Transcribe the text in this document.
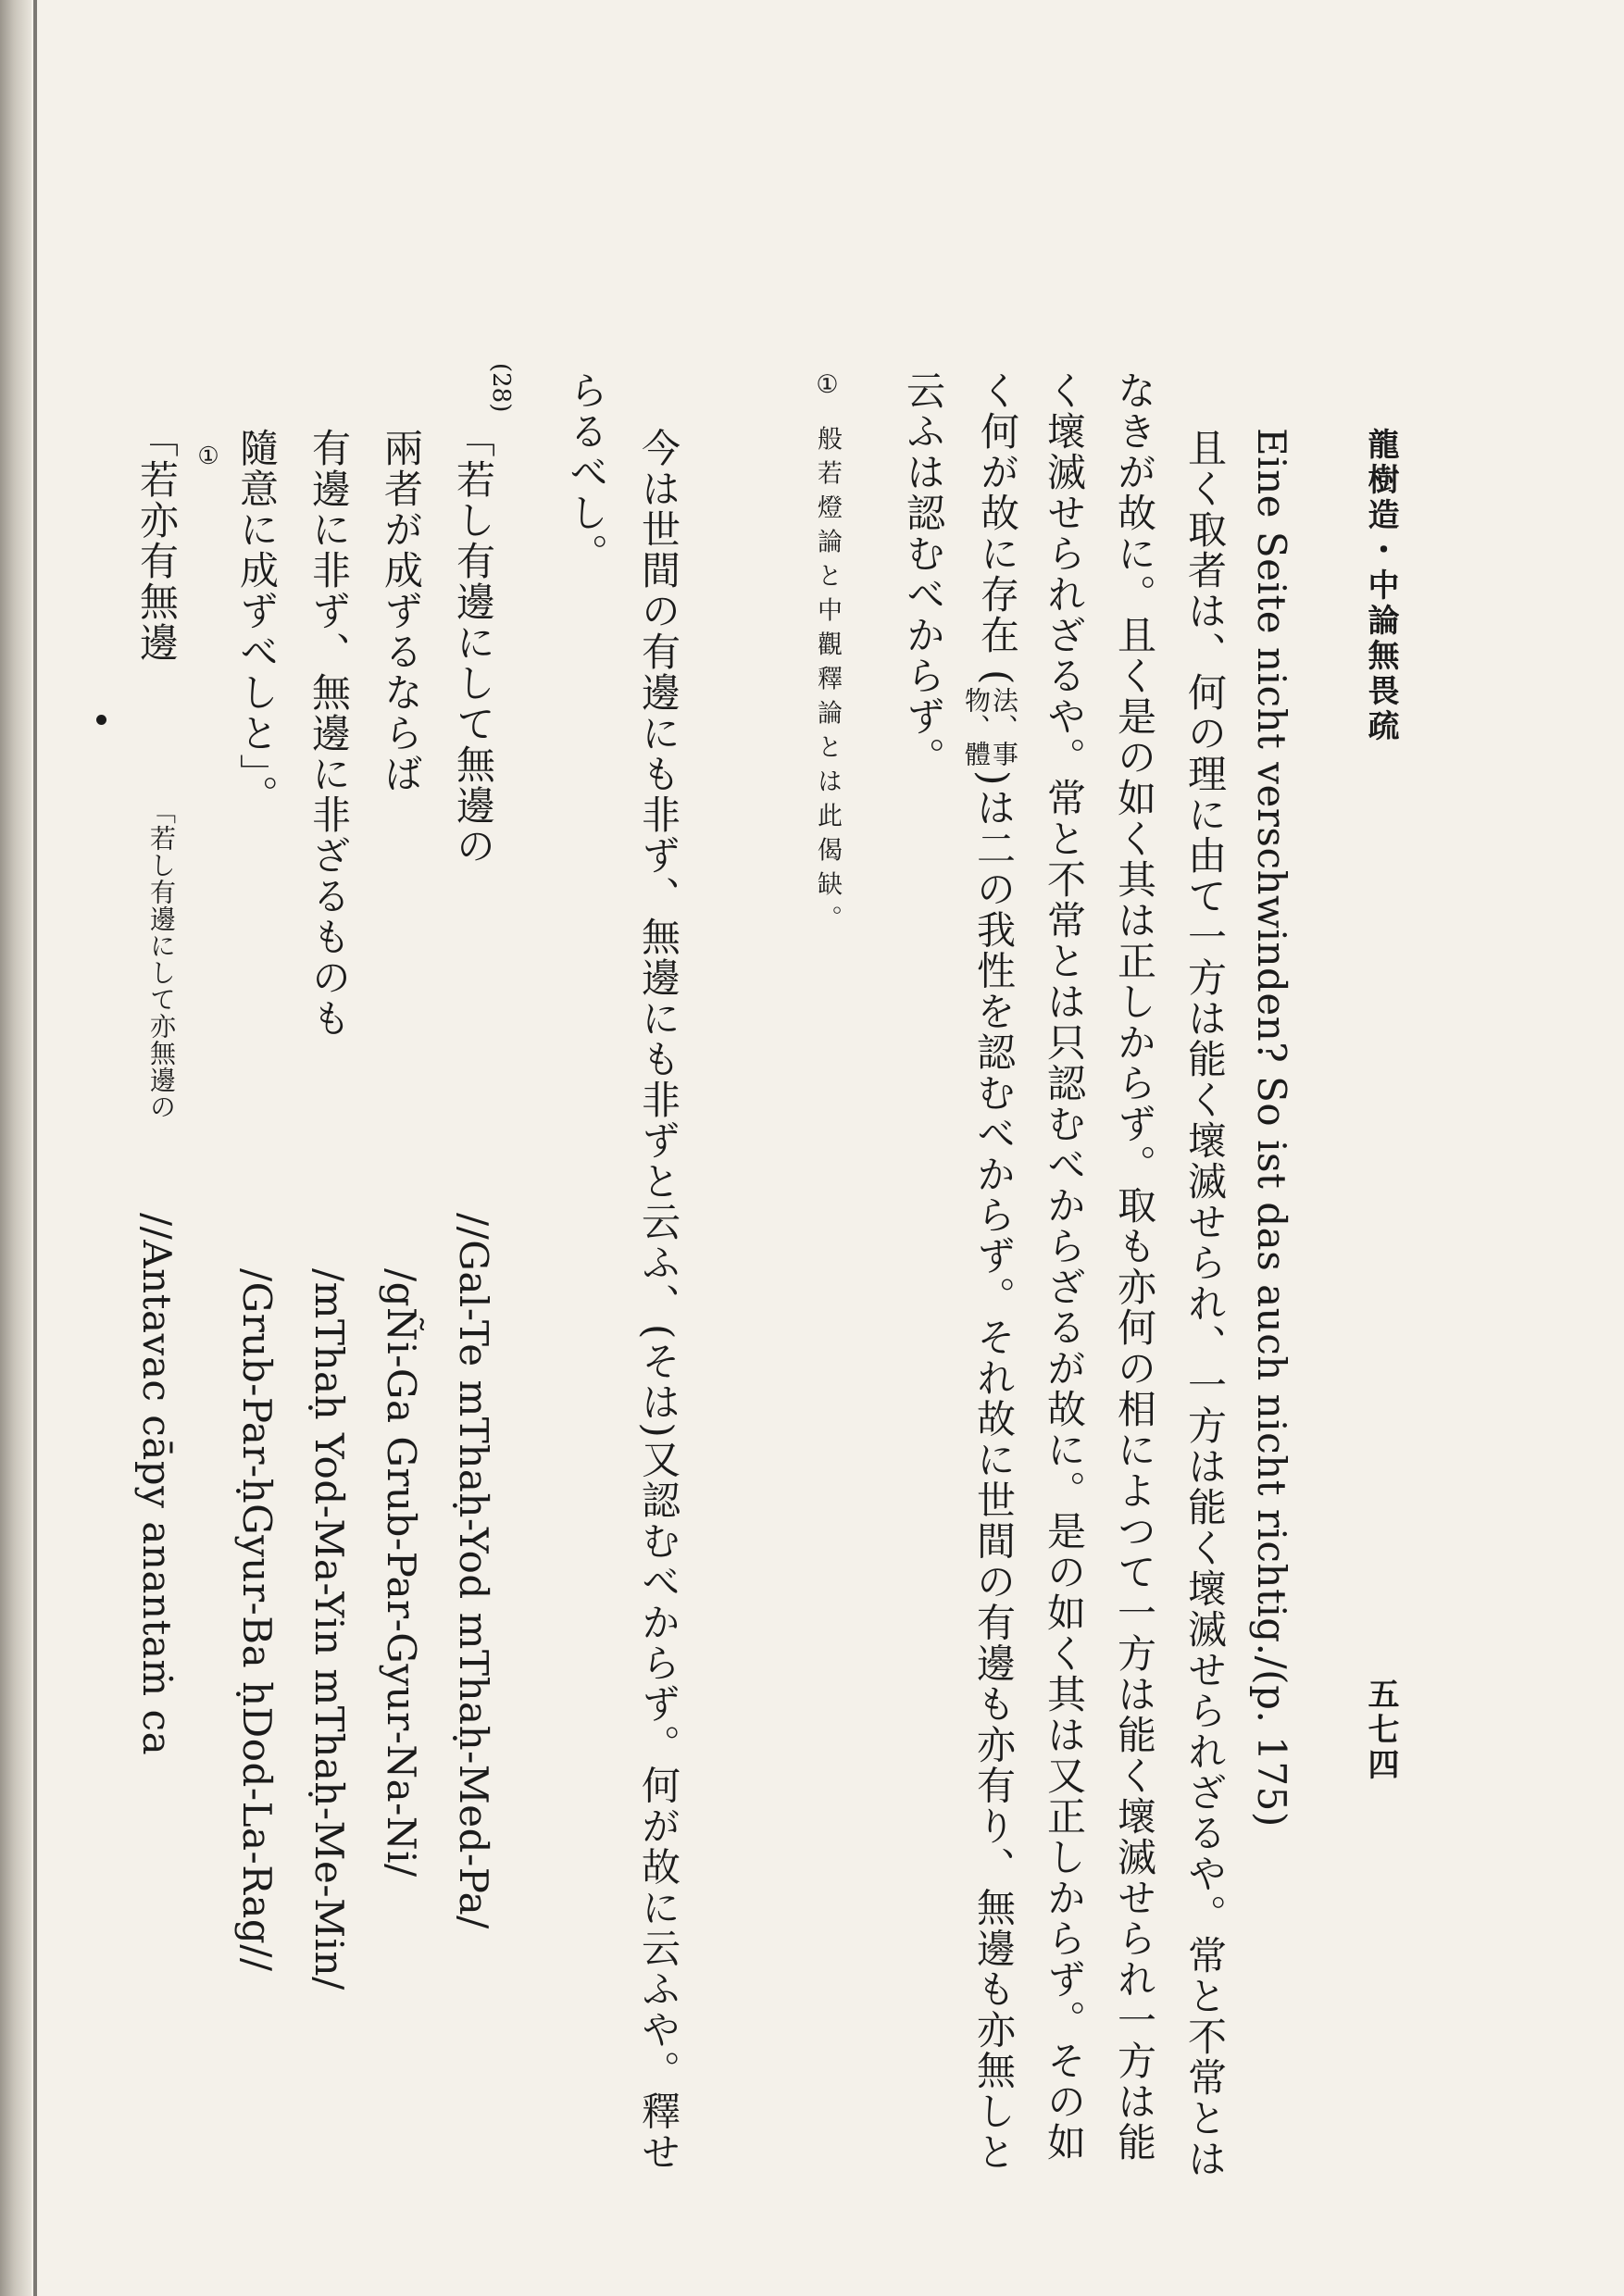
龍樹造・中論無畏疏
五七四
Eine Seite nicht verschwinden? So ist das auch nicht richtig./(p. 175)
且く取者は、何の理に由て一方は能く壞滅せられ、一方は能く壞滅せられざるや。常と不常とは
なきが故に。且く是の如く其は正しからず。取も亦何の相によつて一方は能く壞滅せられ一方は能
く壞滅せられざるや。常と不常とは只認むべからざるが故に。是の如く其は又正しからず。その如
く何が故に存在
(
法、事
物、體
)は二の我性を認むべからず。それ故に世間の有邊も亦有り、無邊も亦無しと
云ふは認むべからず。
① 般若燈論と中觀釋論とは此偈缺。
今は世間の有邊にも非ず、無邊にも非ずと云ふ、(そは)又認むべからず。何が故に云ふや。釋せ
らるべし。
(28)
「若し有邊にして無邊の
兩者が成ずるならば
有邊に非ず、無邊に非ざるものも
隨意に成ずべしと」。
「若亦有無邊 ①
「若し有邊にして亦無邊の
//Gal-Te mThaḥ-Yod mThaḥ-Med-Pa/
/gÑi-Ga Grub-Par-Gyur-Na-Ni/
/mThaḥ Yod-Ma-Yin mThaḥ-Me-Min/
/Grub-Par-ḥGyur-Ba ḥDod-La-Rag//
//Antavac cāpy anantaṁ ca
